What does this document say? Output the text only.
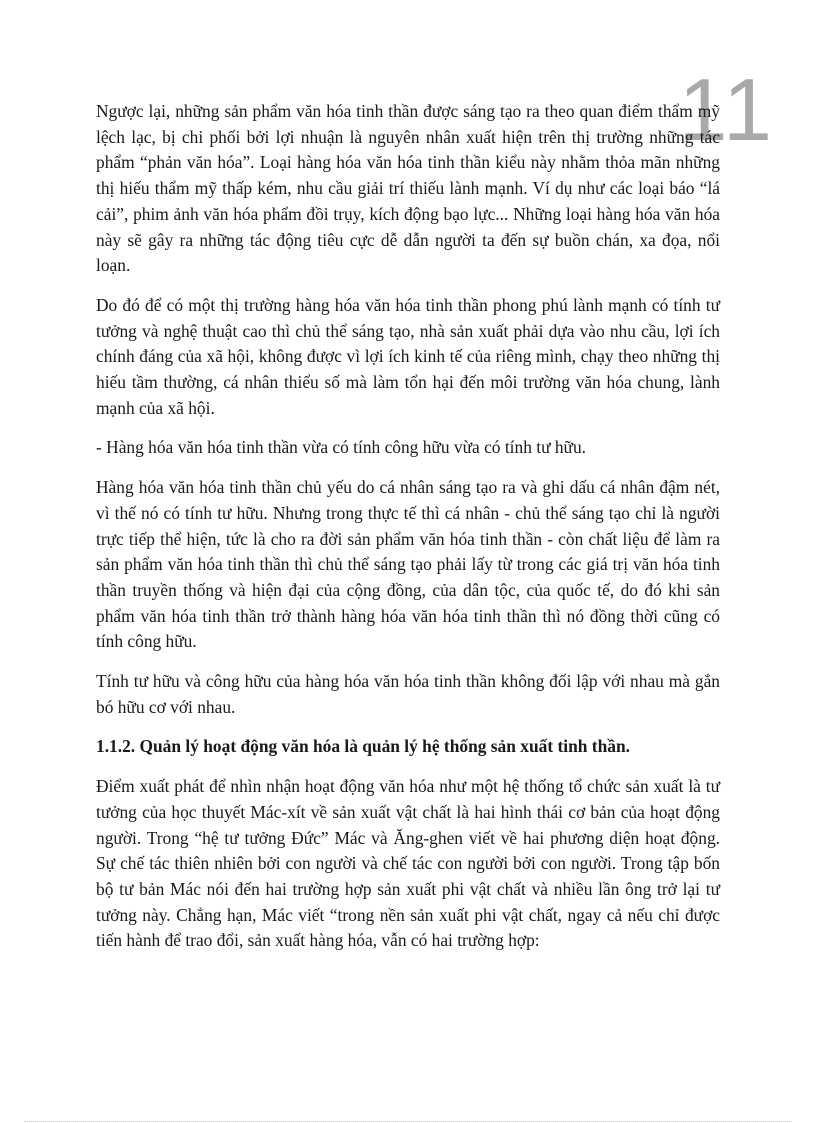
11

Ngược lại, những sản phẩm văn hóa tinh thần được sáng tạo ra theo quan điểm thẩm mỹ lệch lạc, bị chi phối bởi lợi nhuận là nguyên nhân xuất hiện trên thị trường những tác phẩm “phản văn hóa”. Loại hàng hóa văn hóa tinh thần kiểu này nhằm thỏa mãn những thị hiếu thẩm mỹ thấp kém, nhu cầu giải trí thiếu lành mạnh. Ví dụ như các loại báo “lá cải”, phim ảnh văn hóa phẩm đồi trụy, kích động bạo lực... Những loại hàng hóa văn hóa này sẽ gây ra những tác động tiêu cực dễ dẫn người ta đến sự buồn chán, xa đọa, nổi loạn.

Do đó để có một thị trường hàng hóa văn hóa tinh thần phong phú lành mạnh có tính tư tưởng và nghệ thuật cao thì chủ thể sáng tạo, nhà sản xuất phải dựa vào nhu cầu, lợi ích chính đáng của xã hội, không được vì lợi ích kinh tế của riêng mình, chạy theo những thị hiếu tầm thường, cá nhân thiểu số mà làm tổn hại đến môi trường văn hóa chung, lành mạnh của xã hội.

- Hàng hóa văn hóa tinh thần vừa có tính công hữu vừa có tính tư hữu.

Hàng hóa văn hóa tinh thần chủ yếu do cá nhân sáng tạo ra và ghi dấu cá nhân đậm nét, vì thế nó có tính tư hữu. Nhưng trong thực tế thì cá nhân - chủ thể sáng tạo chỉ là người trực tiếp thể hiện, tức là cho ra đời sản phẩm văn hóa tinh thần - còn chất liệu để làm ra sản phẩm văn hóa tinh thần thì chủ thể sáng tạo phải lấy từ trong các giá trị văn hóa tinh thần truyền thống và hiện đại của cộng đồng, của dân tộc, của quốc tế, do đó khi sản phẩm văn hóa tinh thần trở thành hàng hóa văn hóa tinh thần thì nó đồng thời cũng có tính công hữu.

Tính tư hữu và công hữu của hàng hóa văn hóa tinh thần không đối lập với nhau mà gắn bó hữu cơ với nhau.

1.1.2. Quản lý hoạt động văn hóa là quản lý hệ thống sản xuất tinh thần.

Điểm xuất phát để nhìn nhận hoạt động văn hóa như một hệ thống tổ chức sản xuất là tư tưởng của học thuyết Mác-xít về sản xuất vật chất là hai hình thái cơ bản của hoạt động người. Trong “hệ tư tưởng Đức” Mác và Ăng-ghen viết về hai phương diện hoạt động. Sự chế tác thiên nhiên bởi con người và chế tác con người bởi con người. Trong tập bốn bộ tư bản Mác nói đến hai trường hợp sản xuất phi vật chất và nhiều lần ông trở lại tư tưởng này. Chẳng hạn, Mác viết “trong nền sản xuất phi vật chất, ngay cả nếu chỉ được tiến hành để trao đổi, sản xuất hàng hóa, vẫn có hai trường hợp:
